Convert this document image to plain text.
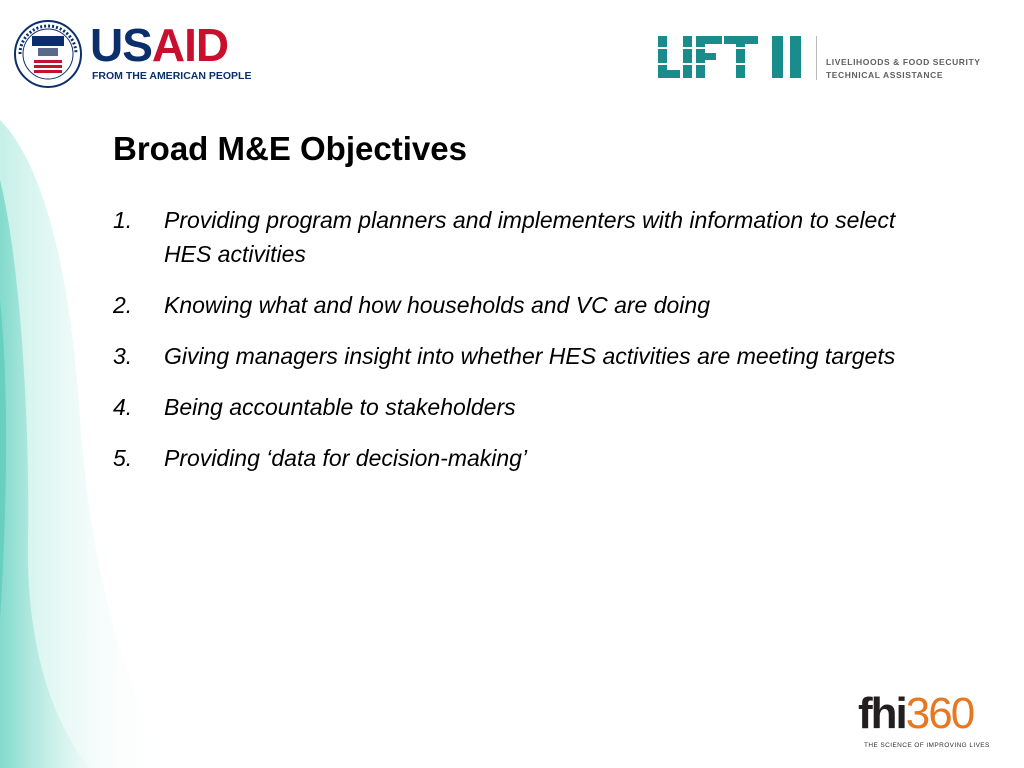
USAID
FROM THE AMERICAN PEOPLE
LIVELIHOODS & FOOD SECURITY
TECHNICAL ASSISTANCE
Broad M&E Objectives
1.	Providing program planners and implementers with information to select HES activities
2.	Knowing what and how households and VC are doing
3.	Giving managers insight into whether HES activities are meeting targets
4.	Being accountable to stakeholders
5.	Providing ‘data for decision-making’
fhi360
THE SCIENCE OF IMPROVING LIVES
